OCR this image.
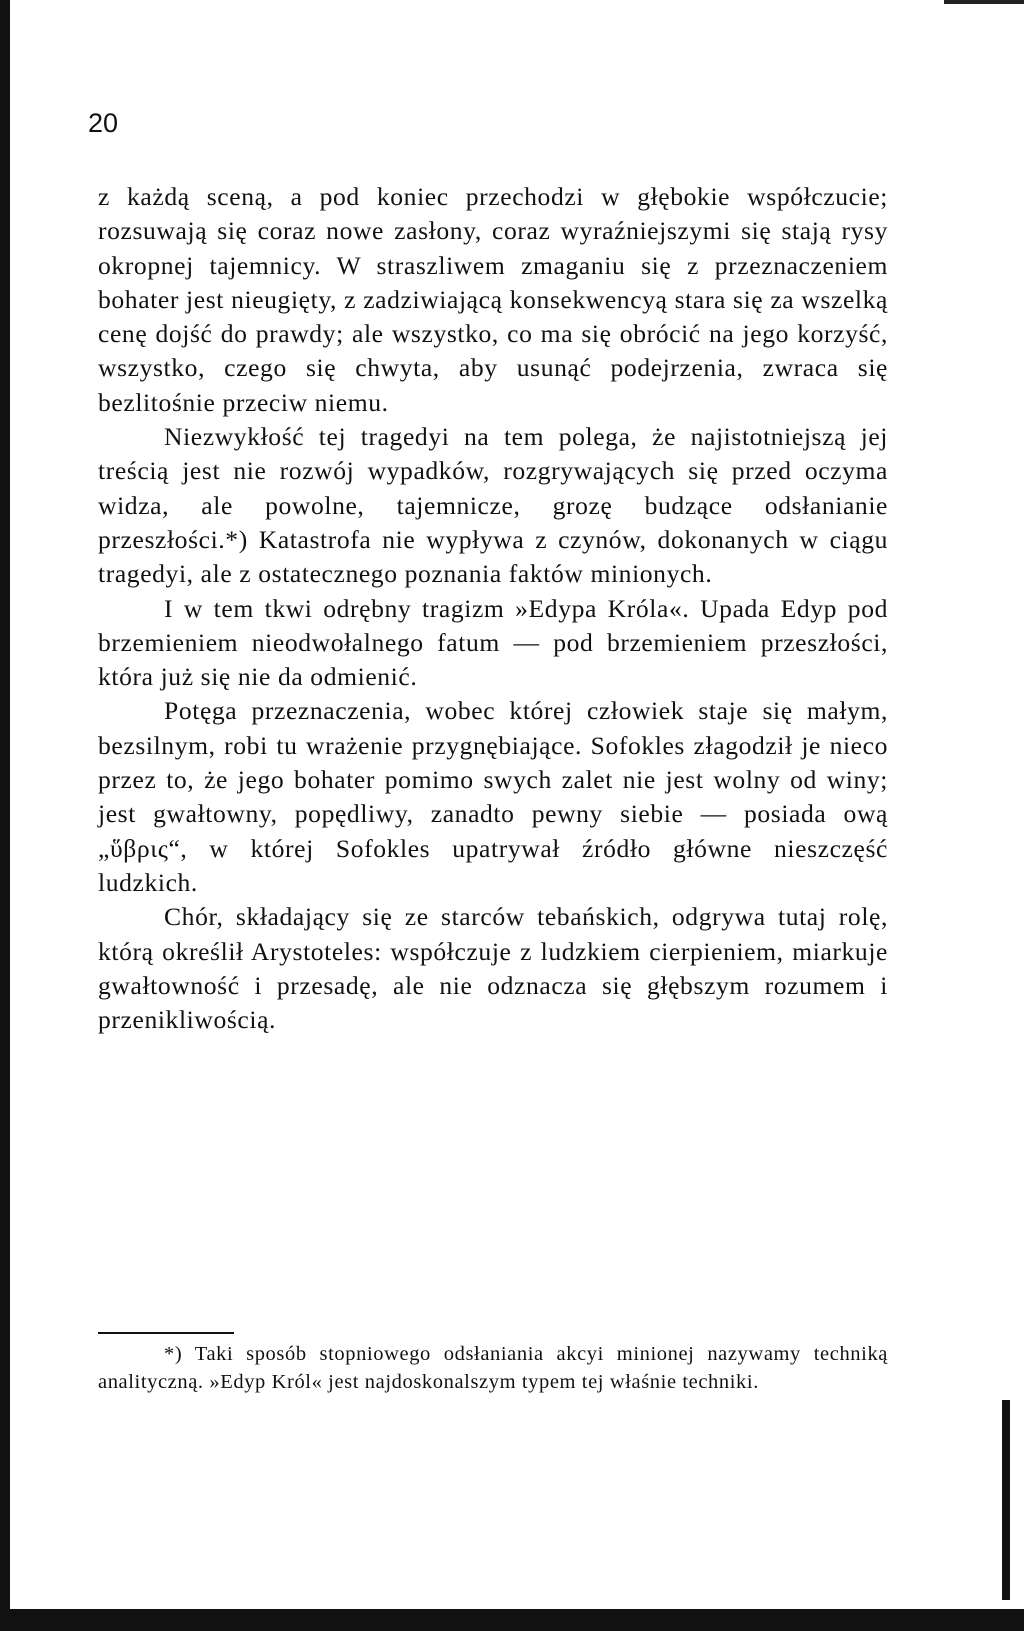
20

z każdą sceną, a pod koniec przechodzi w głębokie współczucie; rozsuwają się coraz nowe zasłony, coraz wyraźniejszymi się stają rysy okropnej tajemnicy. W straszliwem zmaganiu się z przeznaczeniem bohater jest nieugięty, z zadziwiającą konsekwencyą stara się za wszelką cenę dojść do prawdy; ale wszystko, co ma się obrócić na jego korzyść, wszystko, czego się chwyta, aby usunąć podejrzenia, zwraca się bezlitośnie przeciw niemu.

Niezwykłość tej tragedyi na tem polega, że najistotniejszą jej treścią jest nie rozwój wypadków, rozgrywających się przed oczyma widza, ale powolne, tajemnicze, grozę budzące odsłanianie przeszłości.*) Katastrofa nie wypływa z czynów, dokonanych w ciągu tragedyi, ale z ostatecznego poznania faktów minionych.

I w tem tkwi odrębny tragizm »Edypa Króla«. Upada Edyp pod brzemieniem nieodwołalnego fatum — pod brzemieniem przeszłości, która już się nie da odmienić.

Potęga przeznaczenia, wobec której człowiek staje się małym, bezsilnym, robi tu wrażenie przygnębiające. Sofokles złagodził je nieco przez to, że jego bohater pomimo swych zalet nie jest wolny od winy; jest gwałtowny, popędliwy, zanadto pewny siebie — posiada ową „ὕβρις“, w której Sofokles upatrywał źródło główne nieszczęść ludzkich.

Chór, składający się ze starców tebańskich, odgrywa tutaj rolę, którą określił Arystoteles: współczuje z ludzkiem cierpieniem, miarkuje gwałtowność i przesadę, ale nie odznacza się głębszym rozumem i przenikliwością.

*) Taki sposób stopniowego odsłaniania akcyi minionej nazywamy techniką analityczną. »Edyp Król« jest najdoskonalszym typem tej właśnie techniki.
